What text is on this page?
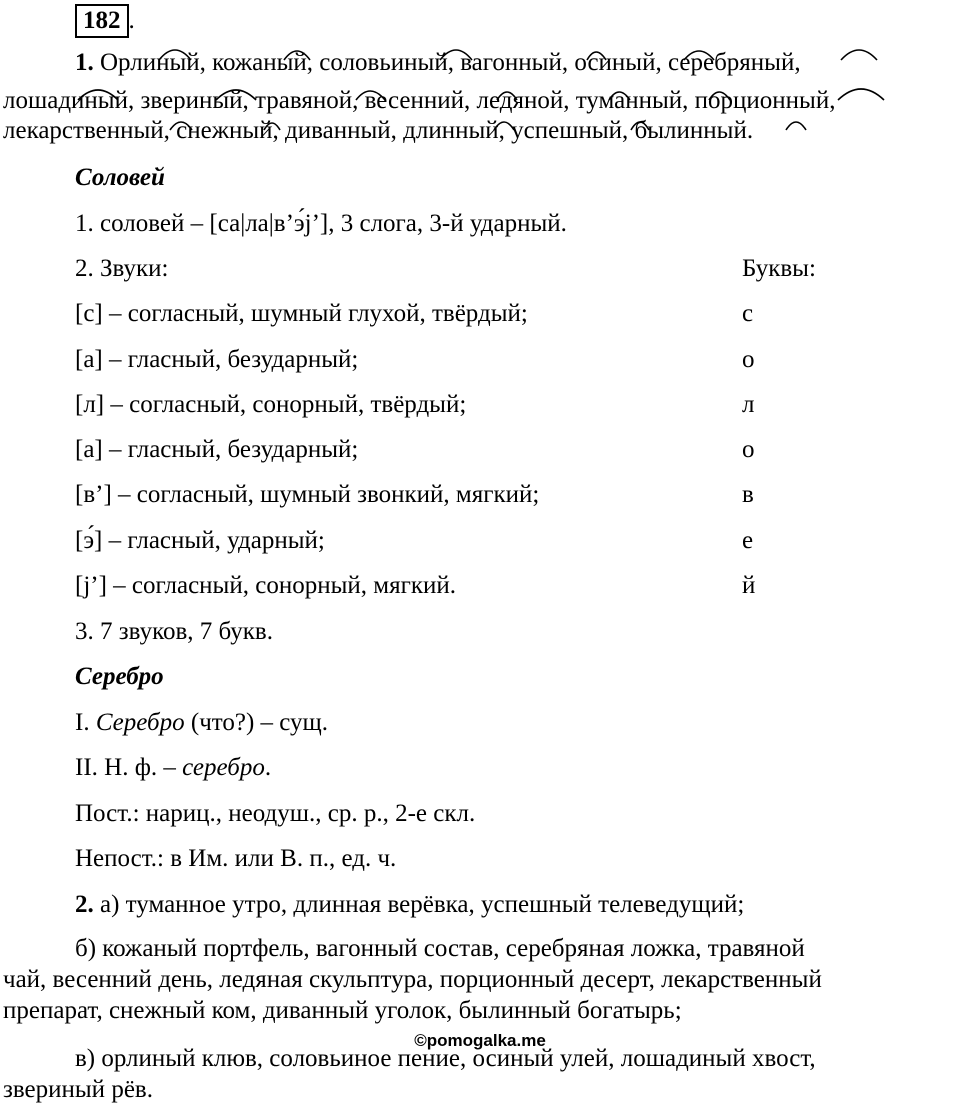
182 .
1. Орлиный, кожаный, соловьиный, вагонный, осиный, серебряный,
лошадиный, звериный, травяной, весенний, ледяной, туманный, порционный,
лекарственный, снежный, диванный, длинный, успешный, былинный.
Соловей
1. соловей – [са|ла|в’э́j’], 3 слога, 3-й ударный.
2. Звуки:	Буквы:
[с] – согласный, шумный глухой, твёрдый;	с
[а] – гласный, безударный;	о
[л] – согласный, сонорный, твёрдый;	л
[а] – гласный, безударный;	о
[в’] – согласный, шумный звонкий, мягкий;	в
[э́] – гласный, ударный;	е
[j’] – согласный, сонорный, мягкий.	й
3. 7 звуков, 7 букв.
Серебро
I. Серебро (что?) – сущ.
II. Н. ф. – серебро.
Пост.: нариц., неодуш., ср. р., 2-е скл.
Непост.: в Им. или В. п., ед. ч.
2. а) туманное утро, длинная верёвка, успешный телеведущий;
б) кожаный портфель, вагонный состав, серебряная ложка, травяной
чай, весенний день, ледяная скульптура, порционный десерт, лекарственный
препарат, снежный ком, диванный уголок, былинный богатырь;
©pomogalka.me
в) орлиный клюв, соловьиное пение, осиный улей, лошадиный хвост,
звериный рёв.
